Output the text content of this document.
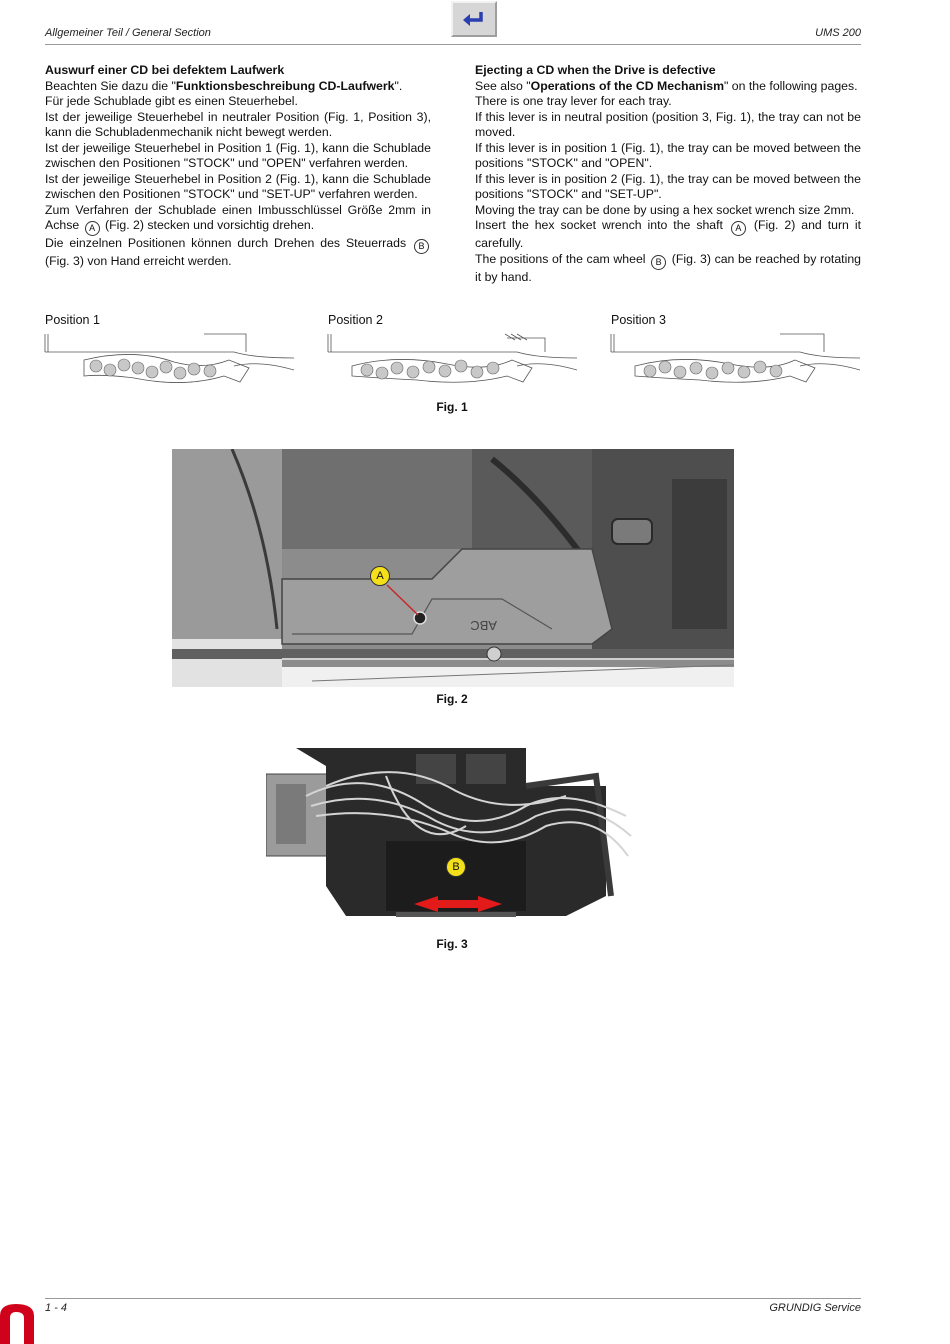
Allgemeiner Teil / General Section	UMS 200
Auswurf einer CD bei defektem Laufwerk

Beachten Sie dazu die "Funktionsbeschreibung CD-Laufwerk".

Für jede Schublade gibt es einen Steuerhebel.

Ist der jeweilige Steuerhebel in neutraler Position (Fig. 1, Position 3), kann die Schubladenmechanik nicht bewegt werden.

Ist der jeweilige Steuerhebel in Position 1 (Fig. 1), kann die Schublade zwischen den Positionen "STOCK" und "OPEN" verfahren werden.

Ist der jeweilige Steuerhebel in Position 2 (Fig. 1), kann die Schublade zwischen den Positionen "STOCK" und "SET-UP" verfahren werden.

Zum Verfahren der Schublade einen Imbusschlüssel Größe 2mm in Achse A (Fig. 2) stecken und vorsichtig drehen.

Die einzelnen Positionen können durch Drehen des Steuerrads B (Fig. 3) von Hand erreicht werden.

Ejecting a CD when the Drive is defective

See also "Operations of the CD Mechanism" on the following pages.

There is one tray lever for each tray.

If this lever is in neutral position (position 3, Fig. 1), the tray can not be moved.

If this lever is in position 1 (Fig. 1), the tray can be moved between the positions "STOCK" and "OPEN".

If this lever is in position 2 (Fig. 1), the tray can be moved between the positions "STOCK" and "SET-UP".

Moving the tray can be done by using a hex socket wrench size 2mm.

Insert the hex socket wrench into the shaft A (Fig. 2) and turn it carefully.

The positions of the cam wheel B (Fig. 3) can be reached by rotating it by hand.

Position 1	Position 2	Position 3
Fig. 1
ABC
A
Fig. 2
B
Fig. 3
1 - 4	GRUNDIG Service
